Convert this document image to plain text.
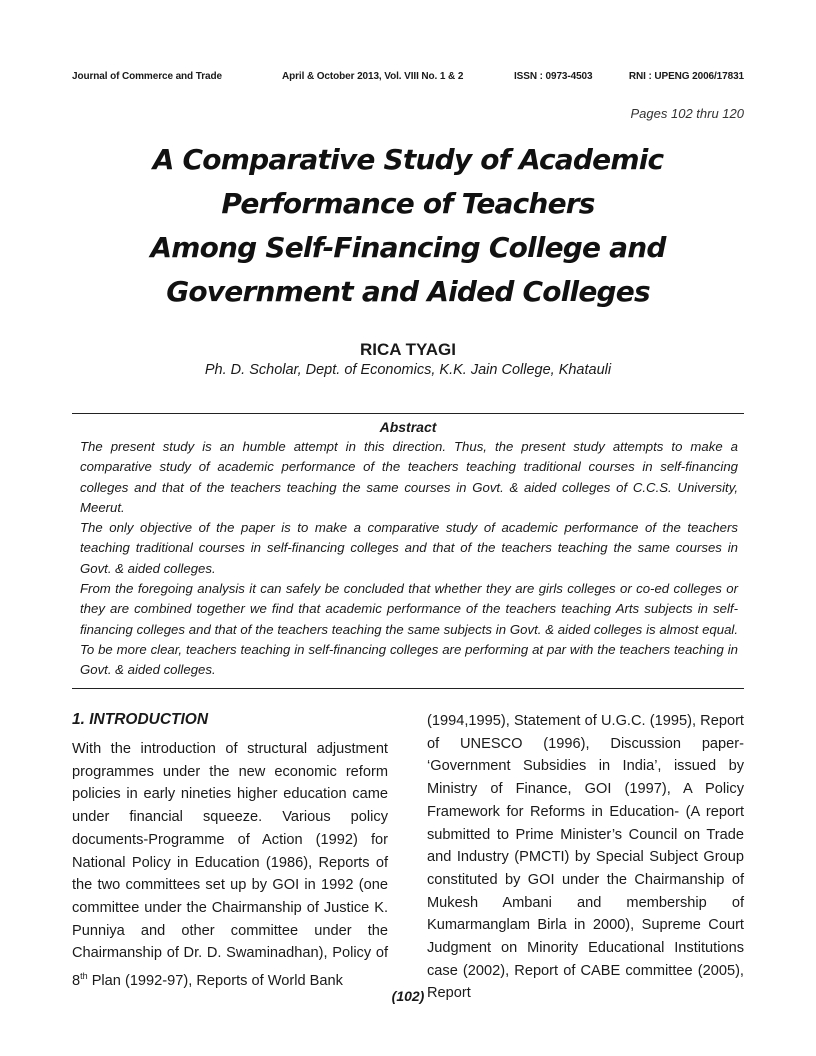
Journal of Commerce and Trade	April & October 2013, Vol. VIII No. 1 & 2	ISSN : 0973-4503	RNI : UPENG 2006/17831
Pages 102 thru 120
A Comparative Study of Academic
Performance of Teachers
Among Self-Financing College and
Government and Aided Colleges
RICA TYAGI
Ph. D. Scholar, Dept. of Economics, K.K. Jain College, Khatauli
Abstract

The present study is an humble attempt in this direction. Thus, the present study attempts to make a comparative study of academic performance of the teachers teaching traditional courses in self-financing colleges and that of the teachers teaching the same courses in Govt. & aided colleges of C.C.S. University, Meerut.

The only objective of the paper is to make a comparative study of academic performance of the teachers teaching traditional courses in self-financing colleges and that of the teachers teaching the same courses in Govt. & aided colleges.

From the foregoing analysis it can safely be concluded that whether they are girls colleges or co-ed colleges or they are combined together we find that academic performance of the teachers teaching Arts subjects in self-financing colleges and that of the teachers teaching the same subjects in Govt. & aided colleges is almost equal. To be more clear, teachers teaching in self-financing colleges are performing at par with the teachers teaching in Govt. & aided colleges.

1. INTRODUCTION

With the introduction of structural adjustment programmes under the new economic reform policies in early nineties higher education came under financial squeeze. Various policy documents-Programme of Action (1992) for National Policy in Education (1986), Reports of the two committees set up by GOI in 1992 (one committee under the Chairmanship of Justice K. Punniya and other committee under the Chairmanship of Dr. D. Swaminadhan), Policy of 8th Plan (1992-97), Reports of World Bank

(1994,1995), Statement of U.G.C. (1995), Report of UNESCO (1996), Discussion paper- ‘Government Subsidies in India’, issued by Ministry of Finance, GOI (1997), A Policy Framework for Reforms in Education- (A report submitted to Prime Minister’s Council on Trade and Industry (PMCTI) by Special Subject Group constituted by GOI under the Chairmanship of Mukesh Ambani and membership of Kumarmanglam Birla in 2000), Supreme Court Judgment on Minority Educational Institutions case (2002), Report of CABE committee (2005), Report

(102)
